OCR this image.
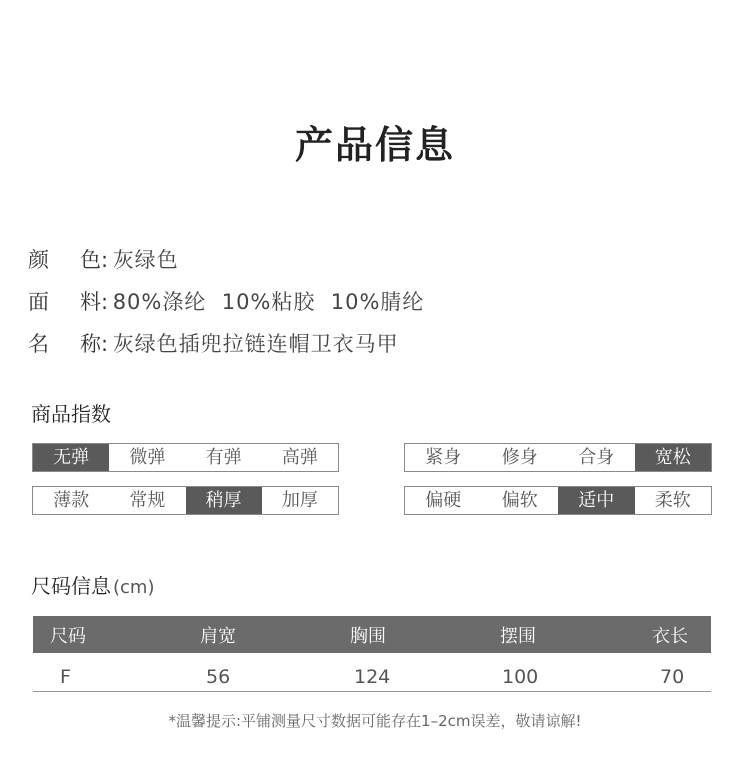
产品信息
颜 色: 灰绿色
面 料: 80%涤纶  10%粘胶  10%腈纶
名 称: 灰绿色插兜拉链连帽卫衣马甲
商品指数
无弹	微弹	有弹	高弹	紧身	修身	合身	宽松
薄款	常规	稍厚	加厚	偏硬	偏软	适中	柔软
尺码信息 (cm)
尺码	肩宽	胸围	摆围	衣长
F	56	124	100	70
*温馨提示:平铺测量尺寸数据可能存在1–2cm误差，敬请谅解!
